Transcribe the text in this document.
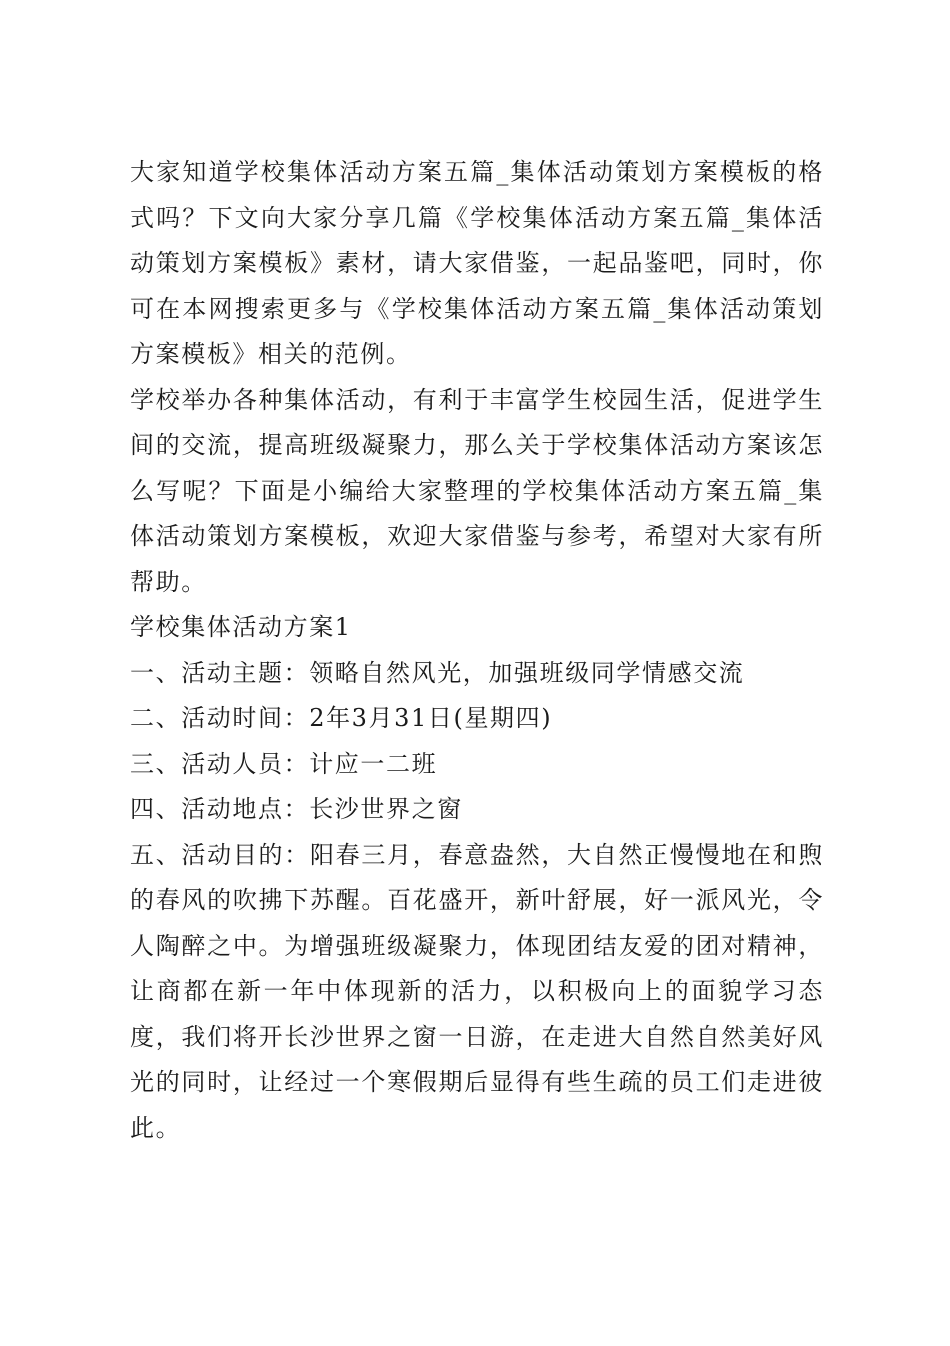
大家知道学校集体活动方案五篇_集体活动策划方案模板的格式吗？下文向大家分享几篇《学校集体活动方案五篇_集体活动策划方案模板》素材，请大家借鉴，一起品鉴吧，同时，你可在本网搜索更多与《学校集体活动方案五篇_集体活动策划方案模板》相关的范例。

学校举办各种集体活动，有利于丰富学生校园生活，促进学生间的交流，提高班级凝聚力，那么关于学校集体活动方案该怎么写呢？下面是小编给大家整理的学校集体活动方案五篇_集体活动策划方案模板，欢迎大家借鉴与参考，希望对大家有所帮助。

学校集体活动方案1

一、活动主题：领略自然风光，加强班级同学情感交流

二、活动时间：2年3月31日(星期四)

三、活动人员：计应一二班

四、活动地点：长沙世界之窗

五、活动目的：阳春三月，春意盎然，大自然正慢慢地在和煦的春风的吹拂下苏醒。百花盛开，新叶舒展，好一派风光，令人陶醉之中。为增强班级凝聚力，体现团结友爱的团对精神，让商都在新一年中体现新的活力，以积极向上的面貌学习态度，我们将开长沙世界之窗一日游，在走进大自然自然美好风光的同时，让经过一个寒假期后显得有些生疏的员工们走进彼此。
